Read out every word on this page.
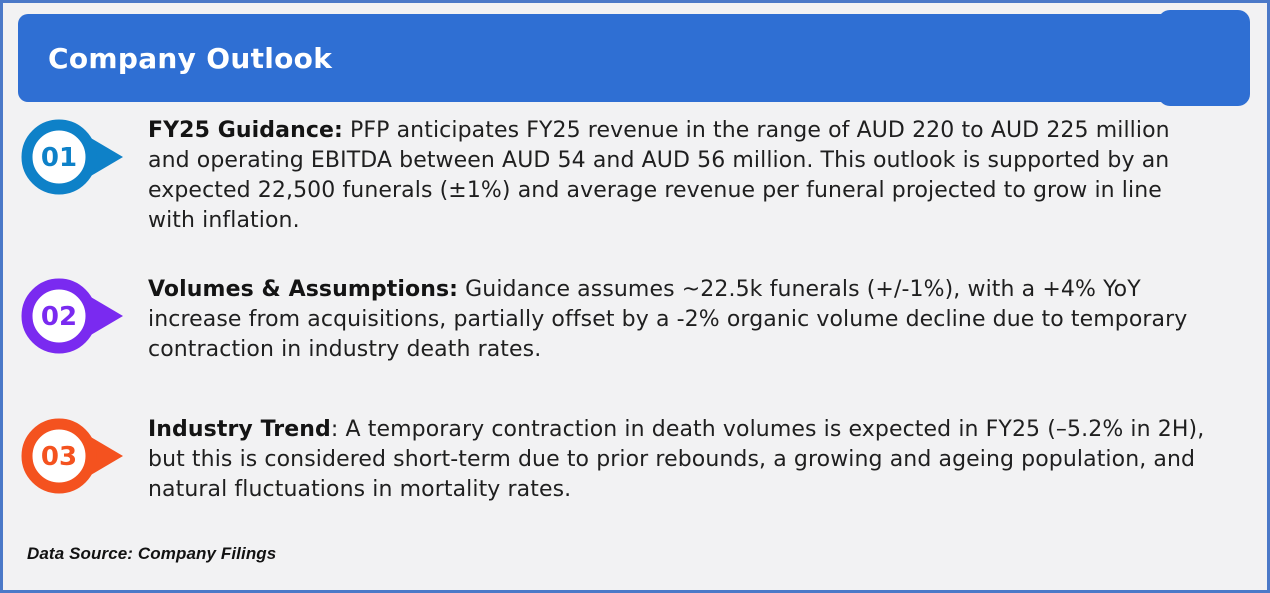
Company Outlook
01

FY25 Guidance: PFP anticipates FY25 revenue in the range of AUD 220 to AUD 225 million and operating EBITDA between AUD 54 and AUD 56 million. This outlook is supported by an expected 22,500 funerals (±1%) and average revenue per funeral projected to grow in line with inflation.

02

Volumes & Assumptions: Guidance assumes ~22.5k funerals (+/-1%), with a +4% YoY increase from acquisitions, partially offset by a -2% organic volume decline due to temporary contraction in industry death rates.

03

Industry Trend: A temporary contraction in death volumes is expected in FY25 (–5.2% in 2H), but this is considered short-term due to prior rebounds, a growing and ageing population, and natural fluctuations in mortality rates.

Data Source: Company Filings
